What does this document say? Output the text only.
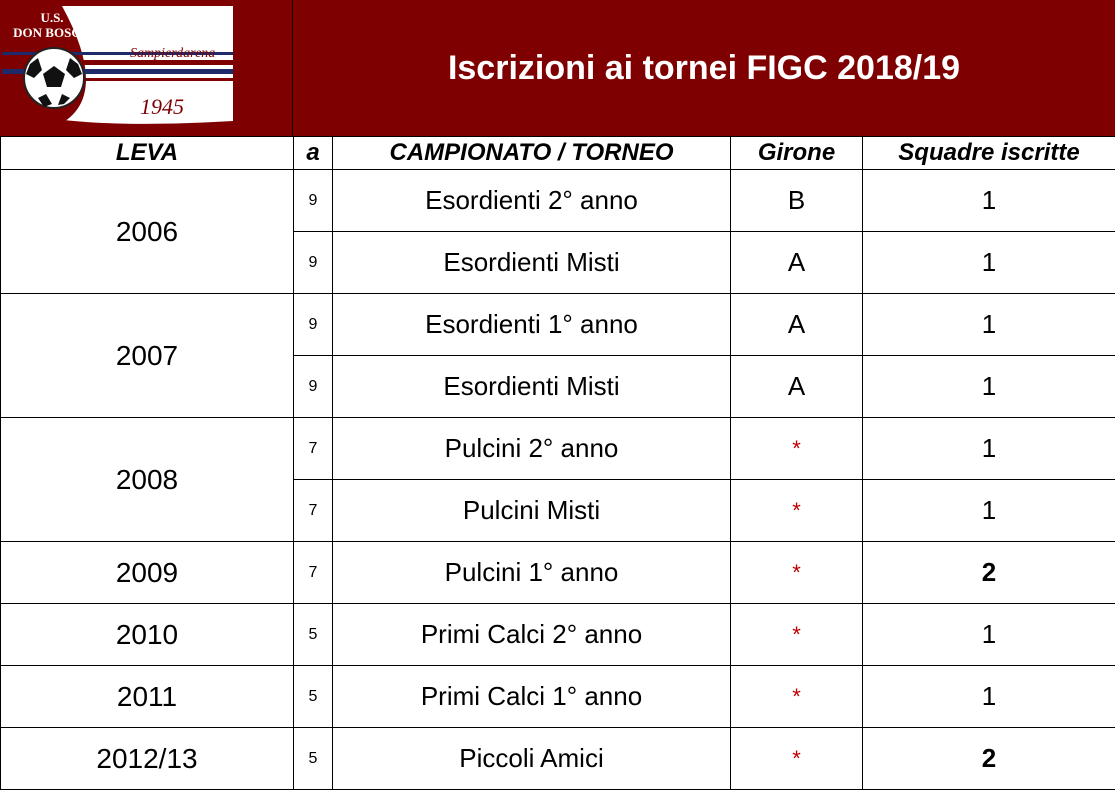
U.S.
DON BOSCO
Sampierdarena
1945
Iscrizioni ai tornei FIGC 2018/19
LEVA	a	CAMPIONATO / TORNEO	Girone	Squadre iscritte
2006	9	Esordienti 2° anno	B	1
	9	Esordienti Misti	A	1
2007	9	Esordienti 1° anno	A	1
	9	Esordienti Misti	A	1
2008	7	Pulcini 2° anno	*	1
	7	Pulcini Misti	*	1
2009	7	Pulcini 1° anno	*	2
2010	5	Primi Calci 2° anno	*	1
2011	5	Primi Calci 1° anno	*	1
2012/13	5	Piccoli Amici	*	2
